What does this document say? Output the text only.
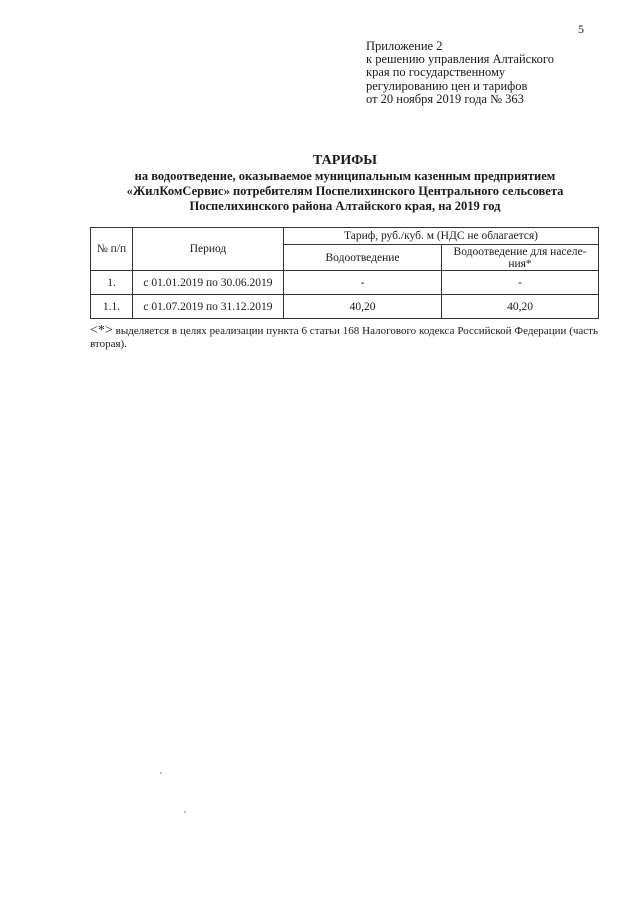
5
Приложение 2
к решению управления Алтайского
края по государственному
регулированию цен и тарифов
от 20 ноября 2019 года № 363
ТАРИФЫ
на водоотведение, оказываемое муниципальным казенным предприятием
«ЖилКомСервис» потребителям Поспелихинского Центрального сельсовета
Поспелихинского района Алтайского края, на 2019 год
№ п/п	Период	Тариф, руб./куб. м (НДС не облагается)	
		Водоотведение	Водоотведение для населе-ния*
1.	с 01.01.2019 по 30.06.2019	-	-
1.1.	с 01.07.2019 по 31.12.2019	40,20	40,20
<*> выделяется в целях реализации пункта 6 статьи 168 Налогового кодекса Российской Федерации (часть вторая).
